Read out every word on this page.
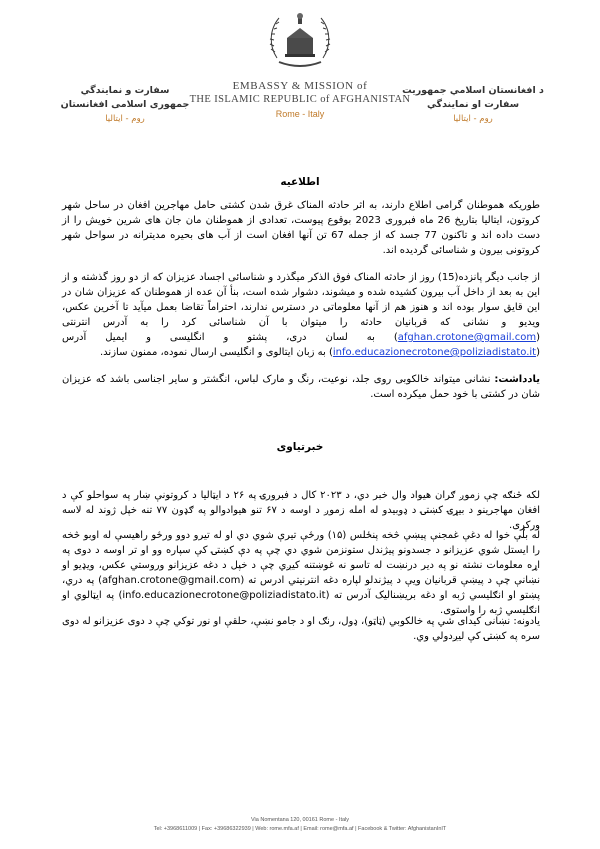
د افغانستان اسلامي جمهوريت
سفارت او نمايندگي
روم - ايتاليا
EMBASSY & MISSION of
THE ISLAMIC REPUBLIC of AFGHANISTAN
Rome - Italy
سفارت و نمايندگي
جمهوری اسلامی افغانستان
روم - ايتاليا
اطلاعيه
طوريکه هموطنان گرامی اطلاع دارند، به اثر حادثه المناک غرق شدن کشتی حامل مهاجرين افغان در ساحل شهر کروتون، ايتاليا بتاريخ 26 ماه فبروری 2023 بوقوع پيوست، تعدادی از هموطنان مان جان های شرين خويش را از دست داده اند و تاکنون 77 جسد که از جمله 67 تن آنها افغان است از آب های بحيره مديترانه در سواحل شهر کروتونی بيرون و شناسائی گرديده اند.
از جانب ديگر پانزده(15) روز از حادثه المناک فوق الذکر ميگذرد و شناسائی اجساد عزيزان که از دو روز گذشته و از اين به بعد از داخل آب بيرون کشيده شده و ميشوند، دشوار شده است، بنأ آن عده از هموطنان که عزيزان شان در اين قايق سوار بوده اند و هنوز هم از آنها معلوماتی در دسترس ندارند، احتراماً تقاضا بعمل ميآيد تا آخرين عکس، ويديو و نشانی که قربانيان حادثه را ميتوان با آن شناسائی کرد را به آدرس انترنتی (afghan.crotone@gmail.com) به لسان دری، پشتو و انگليسی و ايميل آدرس (info.educazionecrotone@poliziadistato.it) به زبان ايتالوی و انگليسی ارسال نموده، ممنون سازند.
يادداشت: نشانی ميتواند خالکوبی روی جلد، نوعيت، رنگ و مارک لباس، انگشتر و ساير اجناسی باشد که عزيزان شان در کشتی با خود حمل ميکرده است.
خبرتياوی
لکه څنګه چې زموږ ګران هيواد وال خبر دي، د ۲۰۲۳ کال د فبرورۍ په ۲۶ د ايټاليا د کروتونې ښار په سواحلو کې د افغان مهاجرينو د بيړۍ کښتۍ د ډوبيدو له امله زموږ د اوسه د ۶۷ تنو هيوادوالو په ګډون ۷۷ تنه خپل ژوند له لاسه ورکړی.
له بلې خوا له دغې غمجنې پيښې څخه پنځلس (۱۵) ورځې تيرې شوي دي او له تيرو دوو ورځو راهيسې له اوبو څخه را ايستل شوي عزيزانو د جسدونو پيژندل ستونزمن شوي دي چې په دې کښتۍ کې سپاره وو او تر اوسه د دوی په اړه معلومات نشته نو په دير درنښت له تاسو نه غوښتنه کيږي چې د خپل د دغه عزيزانو وروستي عکس، ويډيو او نښانې چې د پيښې قربانيان ويې د پيژندلو لپاره دغه انترنيتي ادرس ته (afghan.crotone@gmail.com) په دري، پښتو او انګليسي ژبه او دغه بريښناليک آدرس ته (info.educazionecrotone@poliziadistato.it) په ايټالوي او انګليسي ژبه را واستوی.
يادونه: نښانی کيدای شي په خالکوبي (ټاټو)، ډول، رنګ او د جامو نښې، حلقې او نور توکي چې د دوی عزيزانو له دوی سره په کښتۍ کې ليږدولي وي.
Via Nomentana 120, 00161 Rome - Italy
Tel: +3968611009 | Fax: +39686322939 | Web: rome.mfa.af | Email: rome@mfa.af | Facebook & Twitter: AfghanistanInIT
